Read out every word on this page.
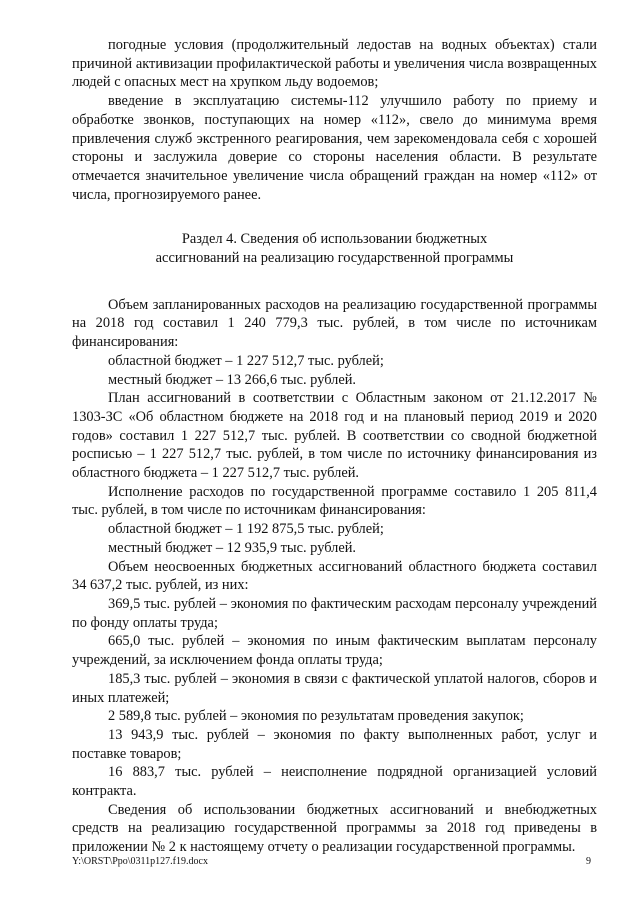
погодные условия (продолжительный ледостав на водных объектах) стали причиной активизации профилактической работы и увеличения числа возвращенных людей с опасных мест на хрупком льду водоемов;

введение в эксплуатацию системы-112 улучшило работу по приему и обработке звонков, поступающих на номер «112», свело до минимума время привлечения служб экстренного реагирования, чем зарекомендовала себя с хорошей стороны и заслужила доверие со стороны населения области. В результате отмечается значительное увеличение числа обращений граждан на номер «112» от числа, прогнозируемого ранее.

Раздел 4. Сведения об использовании бюджетных
ассигнований на реализацию государственной программы

Объем запланированных расходов на реализацию государственной программы на 2018 год составил 1 240 779,3 тыс. рублей, в том числе по источникам финансирования:

областной бюджет – 1 227 512,7 тыс. рублей;

местный бюджет – 13 266,6 тыс. рублей.

План ассигнований в соответствии с Областным законом от 21.12.2017 № 1303-ЗС «Об областном бюджете на 2018 год и на плановый период 2019 и 2020 годов» составил 1 227 512,7 тыс. рублей. В соответствии со сводной бюджетной росписью – 1 227 512,7 тыс. рублей, в том числе по источнику финансирования из областного бюджета – 1 227 512,7 тыс. рублей.

Исполнение расходов по государственной программе составило 1 205 811,4 тыс. рублей, в том числе по источникам финансирования:

областной бюджет – 1 192 875,5 тыс. рублей;

местный бюджет – 12 935,9 тыс. рублей.

Объем неосвоенных бюджетных ассигнований областного бюджета составил 34 637,2 тыс. рублей, из них:

369,5 тыс. рублей – экономия по фактическим расходам персоналу учреждений по фонду оплаты труда;

665,0 тыс. рублей – экономия по иным фактическим выплатам персоналу учреждений, за исключением фонда оплаты труда;

185,3 тыс. рублей – экономия в связи с фактической уплатой налогов, сборов и иных платежей;

2 589,8 тыс. рублей – экономия по результатам проведения закупок;

13 943,9 тыс. рублей – экономия по факту выполненных работ, услуг и поставке товаров;

16 883,7 тыс. рублей – неисполнение подрядной организацией условий контракта.

Сведения об использовании бюджетных ассигнований и внебюджетных средств на реализацию государственной программы за 2018 год приведены в приложении № 2 к настоящему отчету о реализации государственной программы.

Y:\ORST\Ppo\0311p127.f19.docx	9
